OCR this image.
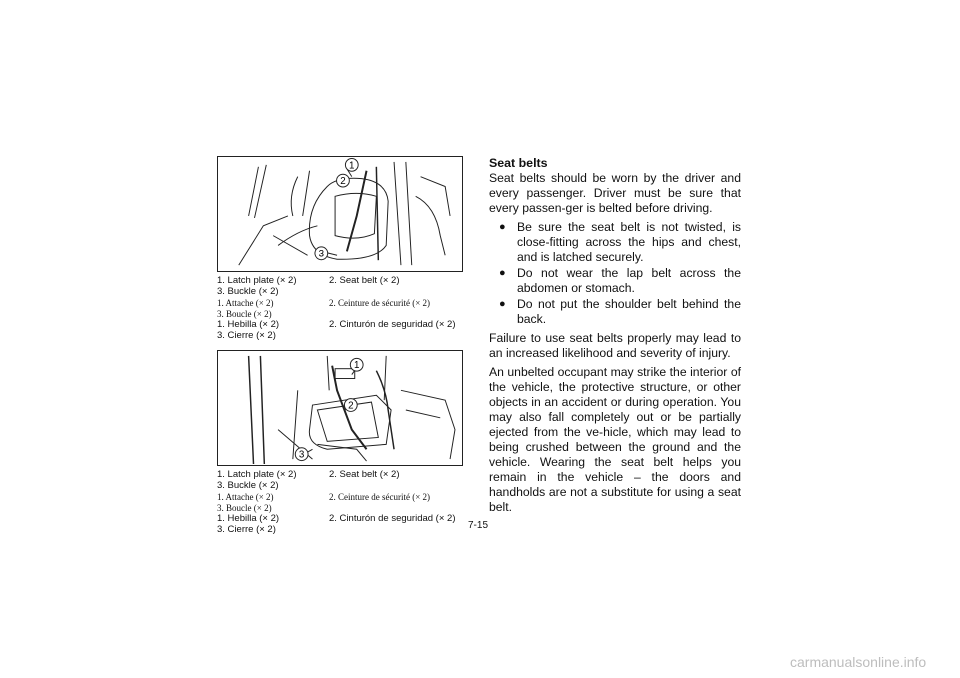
1
2
3
1. Latch plate (× 2)	2. Seat belt (× 2)
3. Buckle (× 2)
1. Attache (× 2)	2. Ceinture de sécurité (× 2)
3. Boucle (× 2)
1. Hebilla (× 2)	2. Cinturón de seguridad (× 2)
3. Cierre (× 2)
1
2
3
1. Latch plate (× 2)	2. Seat belt (× 2)
3. Buckle (× 2)
1. Attache (× 2)	2. Ceinture de sécurité (× 2)
3. Boucle (× 2)
1. Hebilla (× 2)	2. Cinturón de seguridad (× 2)
3. Cierre (× 2)
Seat belts

Seat belts should be worn by the driver and every passenger. Driver must be sure that every passen-ger is belted before driving.

● Be sure the seat belt is not twisted, is close-fitting across the hips and chest, and is latched securely.
● Do not wear the lap belt across the abdomen or stomach.
● Do not put the shoulder belt behind the back.

Failure to use seat belts properly may lead to an increased likelihood and severity of injury.

An unbelted occupant may strike the interior of the vehicle, the protective structure, or other objects in an accident or during operation. You may also fall completely out or be partially ejected from the ve-hicle, which may lead to being crushed between the ground and the vehicle. Wearing the seat belt helps you remain in the vehicle – the doors and handholds are not a substitute for using a seat belt.

7-15
carmanualsonline.info
